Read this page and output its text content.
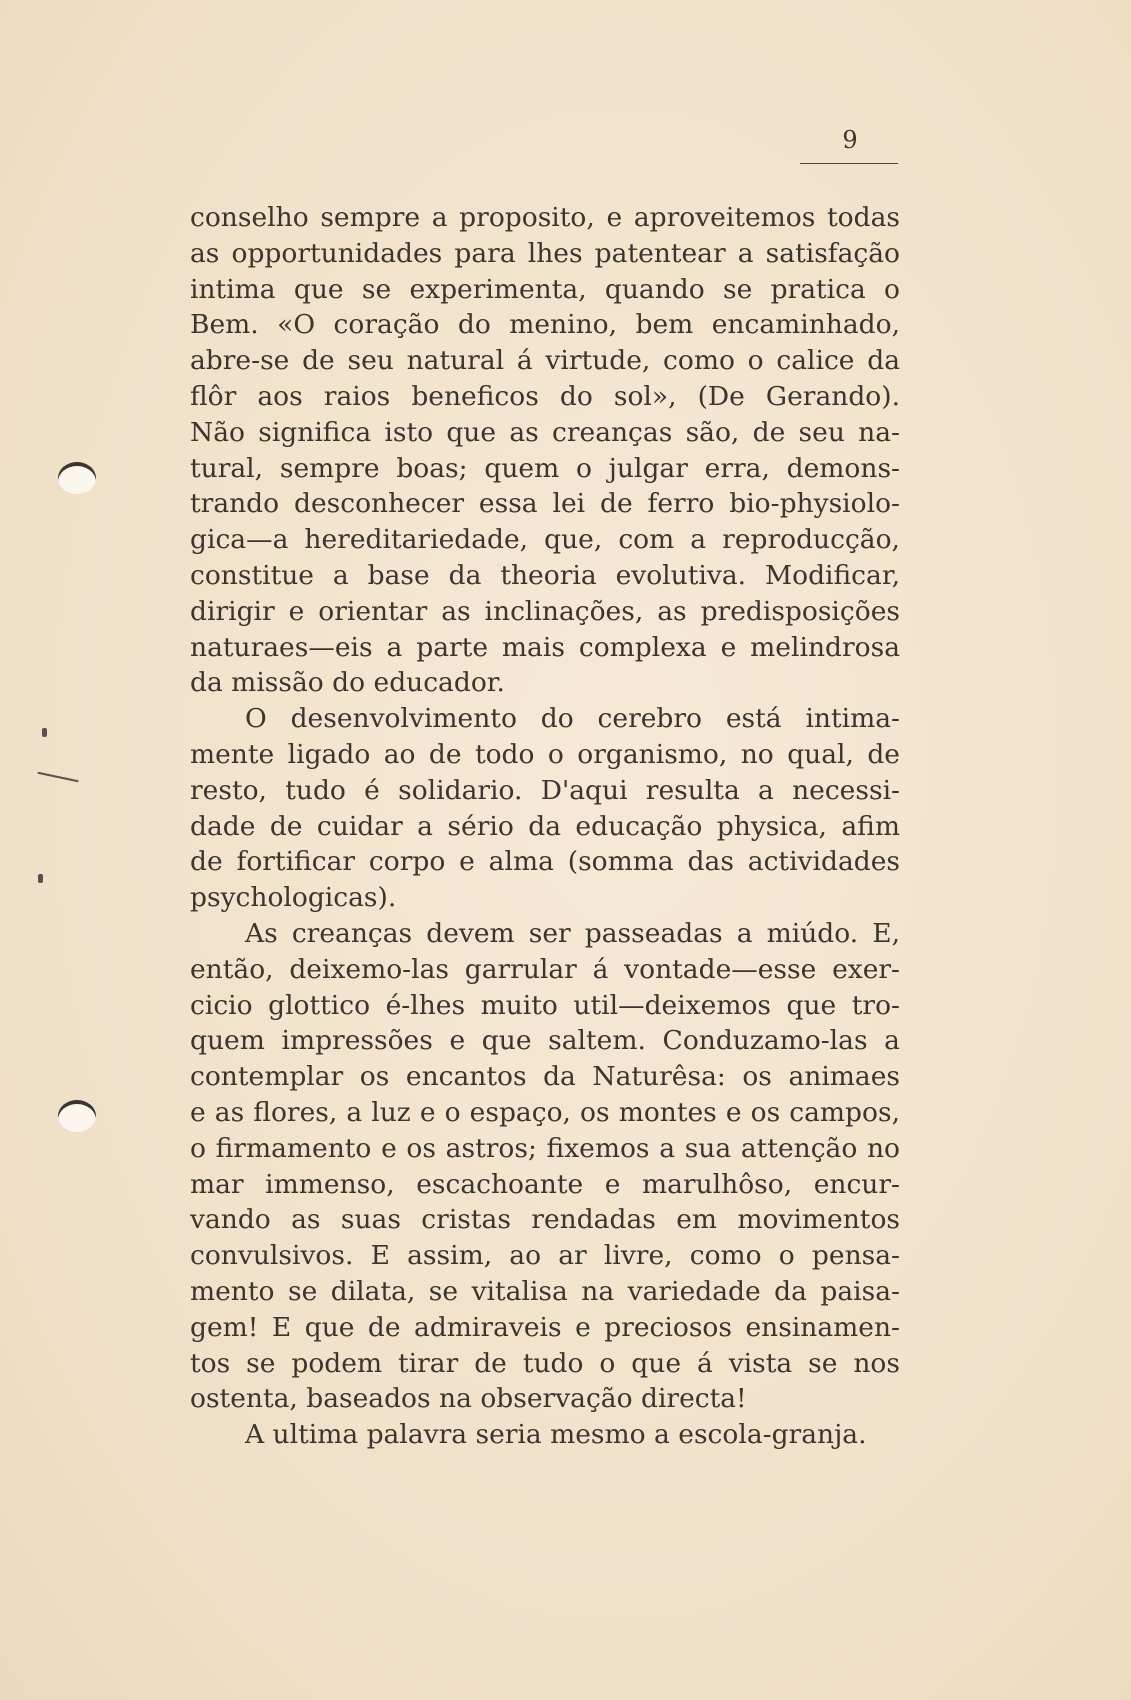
9
conselho sempre a proposito, e aproveitemos todas
as opportunidades para lhes patentear a satisfação
intima que se experimenta, quando se pratica o
Bem. «O coração do menino, bem encaminhado,
abre-se de seu natural á virtude, como o calice da
flôr aos raios beneficos do sol», (De Gerando).
Não significa isto que as creanças são, de seu na-
tural, sempre boas; quem o julgar erra, demons-
trando desconhecer essa lei de ferro bio-physiolo-
gica—a hereditariedade, que, com a reproducção,
constitue a base da theoria evolutiva. Modificar,
dirigir e orientar as inclinações, as predisposições
naturaes—eis a parte mais complexa e melindrosa
da missão do educador.
O desenvolvimento do cerebro está intima-
mente ligado ao de todo o organismo, no qual, de
resto, tudo é solidario. D'aqui resulta a necessi-
dade de cuidar a sério da educação physica, afim
de fortificar corpo e alma (somma das actividades
psychologicas).
As creanças devem ser passeadas a miúdo. E,
então, deixemo-las garrular á vontade—esse exer-
cicio glottico é-lhes muito util—deixemos que tro-
quem impressões e que saltem. Conduzamo-las a
contemplar os encantos da Naturêsa: os animaes
e as flores, a luz e o espaço, os montes e os campos,
o firmamento e os astros; fixemos a sua attenção no
mar immenso, escachoante e marulhôso, encur-
vando as suas cristas rendadas em movimentos
convulsivos. E assim, ao ar livre, como o pensa-
mento se dilata, se vitalisa na variedade da paisa-
gem! E que de admiraveis e preciosos ensinamen-
tos se podem tirar de tudo o que á vista se nos
ostenta, baseados na observação directa!
A ultima palavra seria mesmo a escola-granja.
